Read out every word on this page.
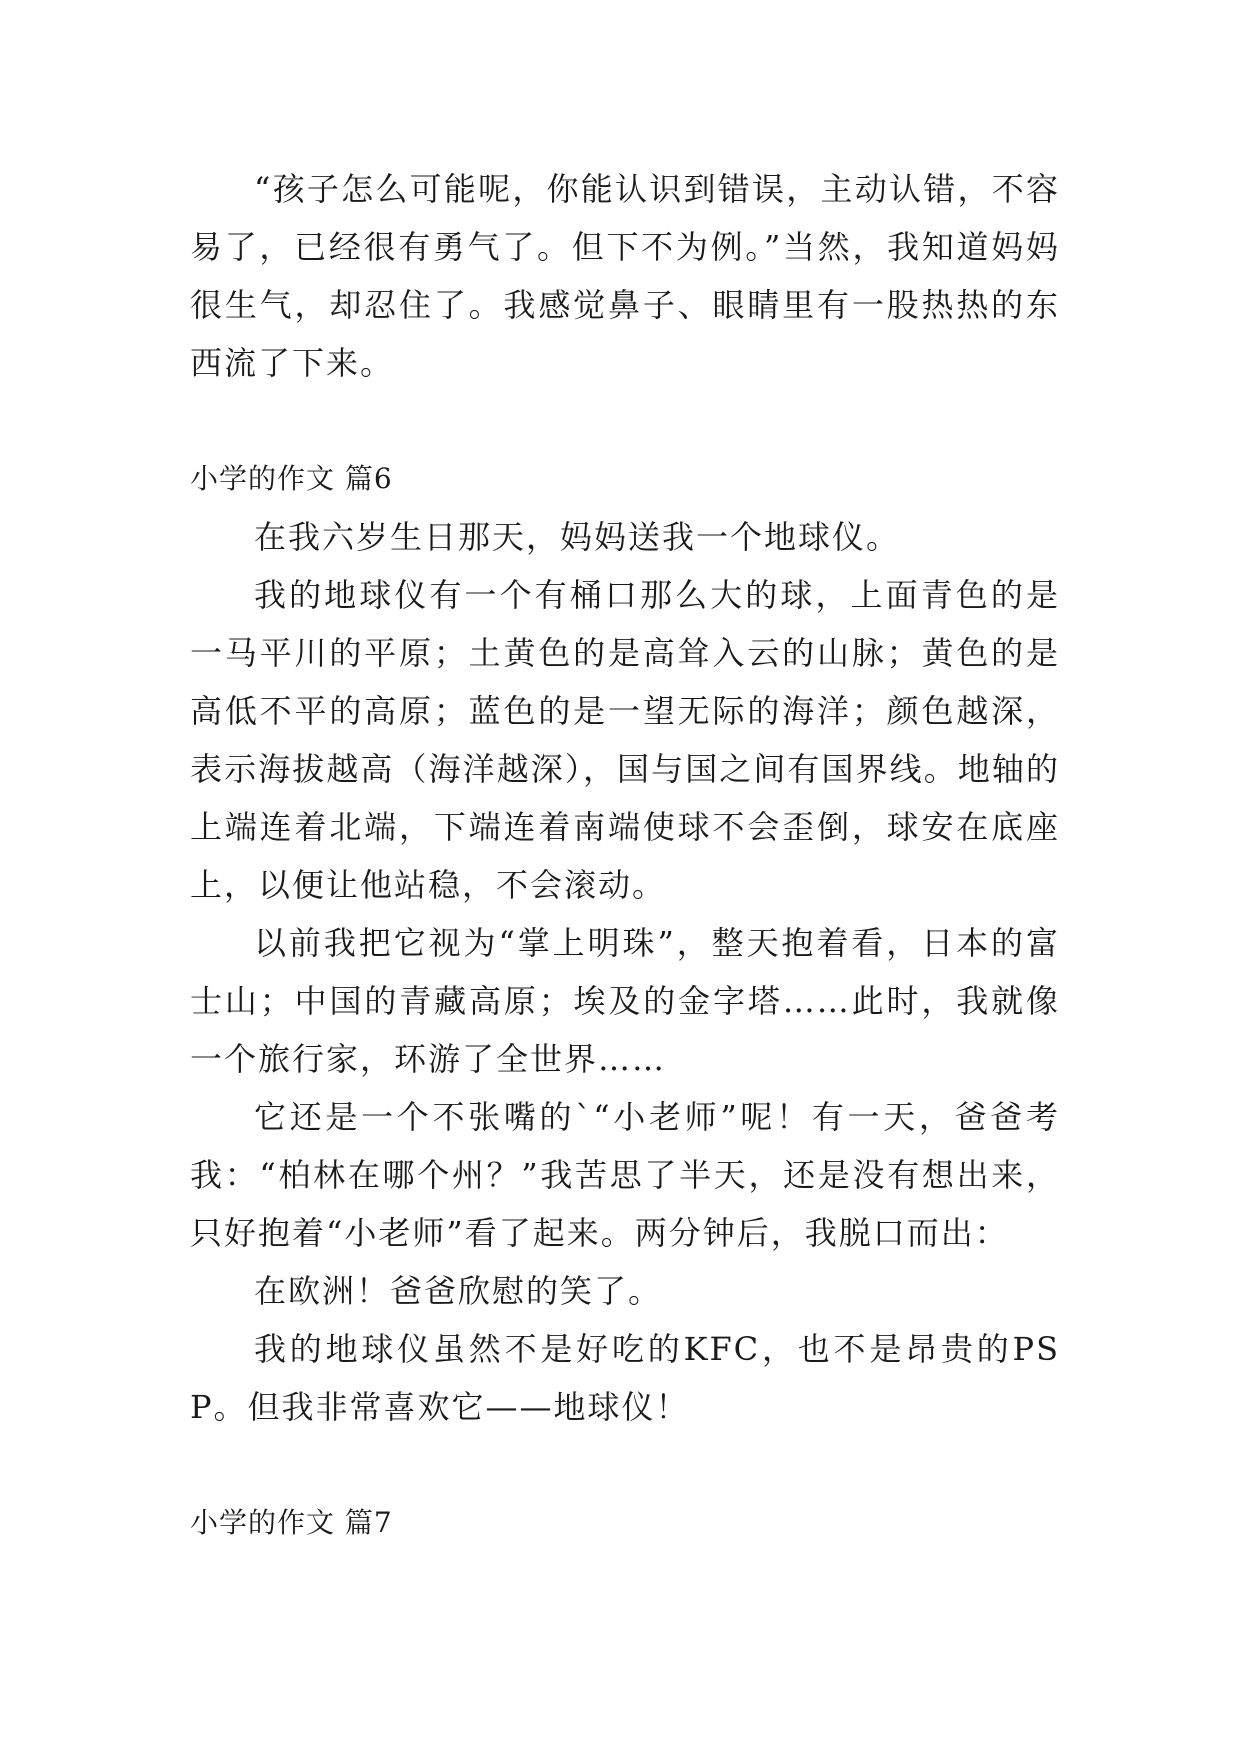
“孩子怎么可能呢，你能认识到错误，主动认错，不容易了，已经很有勇气了。但下不为例。”当然，我知道妈妈很生气，却忍住了。我感觉鼻子、眼睛里有一股热热的东西流了下来。

小学的作文 篇6

在我六岁生日那天，妈妈送我一个地球仪。

我的地球仪有一个有桶口那么大的球，上面青色的是一马平川的平原；土黄色的是高耸入云的山脉；黄色的是高低不平的高原；蓝色的是一望无际的海洋；颜色越深，表示海拔越高（海洋越深），国与国之间有国界线。地轴的上端连着北端，下端连着南端使球不会歪倒，球安在底座上，以便让他站稳，不会滚动。

以前我把它视为“掌上明珠”，整天抱着看，日本的富士山；中国的青藏高原；埃及的金字塔……此时，我就像一个旅行家，环游了全世界……

它还是一个不张嘴的`“小老师”呢！有一天，爸爸考我：“柏林在哪个州？”我苦思了半天，还是没有想出来，只好抱着“小老师”看了起来。两分钟后，我脱口而出：

在欧洲！爸爸欣慰的笑了。

我的地球仪虽然不是好吃的KFC，也不是昂贵的PSP。但我非常喜欢它——地球仪！

小学的作文 篇7
